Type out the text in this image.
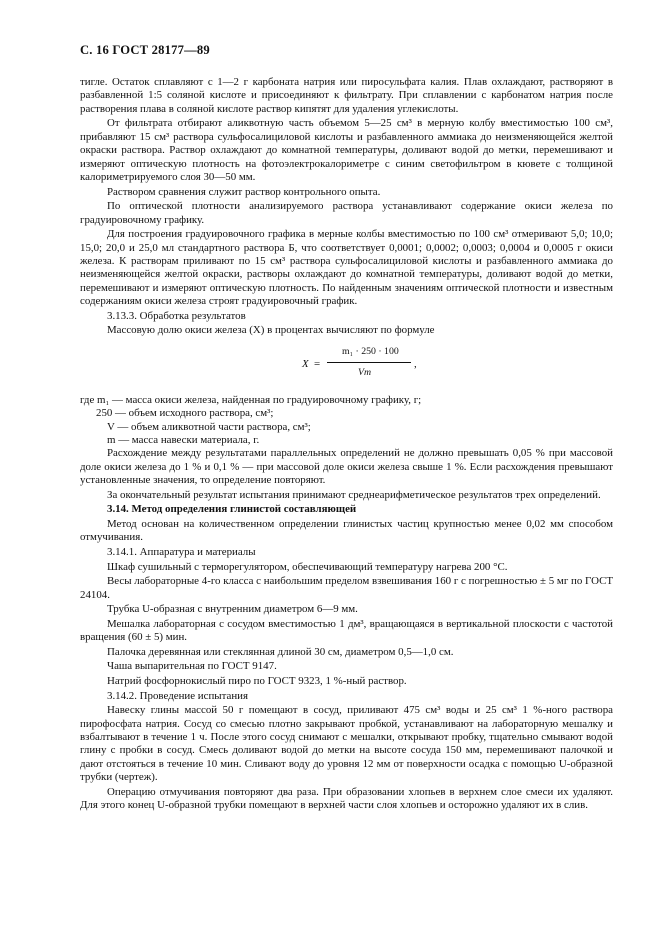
С. 16 ГОСТ 28177—89

тигле. Остаток сплавляют с 1—2 г карбоната натрия или пиросульфата калия. Плав охлаждают, растворяют в разбавленной 1:5 соляной кислоте и присоединяют к фильтрату. При сплавлении с карбонатом натрия после растворения плава в соляной кислоте раствор кипятят для удаления углекислоты.

От фильтрата отбирают аликвотную часть объемом 5—25 см³ в мерную колбу вместимостью 100 см³, прибавляют 15 см³ раствора сульфосалициловой кислоты и разбавленного аммиака до неизменяющейся желтой окраски раствора. Раствор охлаждают до комнатной температуры, доливают водой до метки, перемешивают и измеряют оптическую плотность на фотоэлектрокалориметре с синим светофильтром в кювете с толщиной калориметрируемого слоя 30—50 мм.

Раствором сравнения служит раствор контрольного опыта.

По оптической плотности анализируемого раствора устанавливают содержание окиси железа по градуировочному графику.

Для построения градуировочного графика в мерные колбы вместимостью по 100 см³ отмеривают 5,0; 10,0; 15,0; 20,0 и 25,0 мл стандартного раствора Б, что соответствует 0,0001; 0,0002; 0,0003; 0,0004 и 0,0005 г окиси железа. К растворам приливают по 15 см³ раствора сульфосалициловой кислоты и разбавленного аммиака до неизменяющейся желтой окраски, растворы охлаждают до комнатной температуры, доливают водой до метки, перемешивают и измеряют оптическую плотность. По найденным значениям оптической плотности и известным содержаниям окиси железа строят градуировочный график.

3.13.3. Обработка результатов

Массовую долю окиси железа (X) в процентах вычисляют по формуле

X =
m₁ · 250 · 100
Vm
,

где m₁ — масса окиси железа, найденная по градуировочному графику, г;

250 — объем исходного раствора, см³;

V — объем аликвотной части раствора, см³;

m — масса навески материала, г.

Расхождение между результатами параллельных определений не должно превышать 0,05 % при массовой доле окиси железа до 1 % и 0,1 % — при массовой доле окиси железа свыше 1 %. Если расхождения превышают установленные значения, то определение повторяют.

За окончательный результат испытания принимают среднеарифметическое результатов трех определений.

3.14. Метод определения глинистой составляющей

Метод основан на количественном определении глинистых частиц крупностью менее 0,02 мм способом отмучивания.

3.14.1. Аппаратура и материалы

Шкаф сушильный с терморегулятором, обеспечивающий температуру нагрева 200 °С.

Весы лабораторные 4-го класса с наибольшим пределом взвешивания 160 г с погрешностью ± 5 мг по ГОСТ 24104.

Трубка U-образная с внутренним диаметром 6—9 мм.

Мешалка лабораторная с сосудом вместимостью 1 дм³, вращающаяся в вертикальной плоскости с частотой вращения (60 ± 5) мин.

Палочка деревянная или стеклянная длиной 30 см, диаметром 0,5—1,0 см.

Чаша выпарительная по ГОСТ 9147.

Натрий фосфорнокислый пиро по ГОСТ 9323, 1 %-ный раствор.

3.14.2. Проведение испытания

Навеску глины массой 50 г помещают в сосуд, приливают 475 см³ воды и 25 см³ 1 %-ного раствора пирофосфата натрия. Сосуд со смесью плотно закрывают пробкой, устанавливают на лабораторную мешалку и взбалтывают в течение 1 ч. После этого сосуд снимают с мешалки, открывают пробку, тщательно смывают водой глину с пробки в сосуд. Смесь доливают водой до метки на высоте сосуда 150 мм, перемешивают палочкой и дают отстояться в течение 10 мин. Сливают воду до уровня 12 мм от поверхности осадка с помощью U-образной трубки (чертеж).

Операцию отмучивания повторяют два раза. При образовании хлопьев в верхнем слое смеси их удаляют. Для этого конец U-образной трубки помещают в верхней части слоя хлопьев и осторожно удаляют их в слив.
